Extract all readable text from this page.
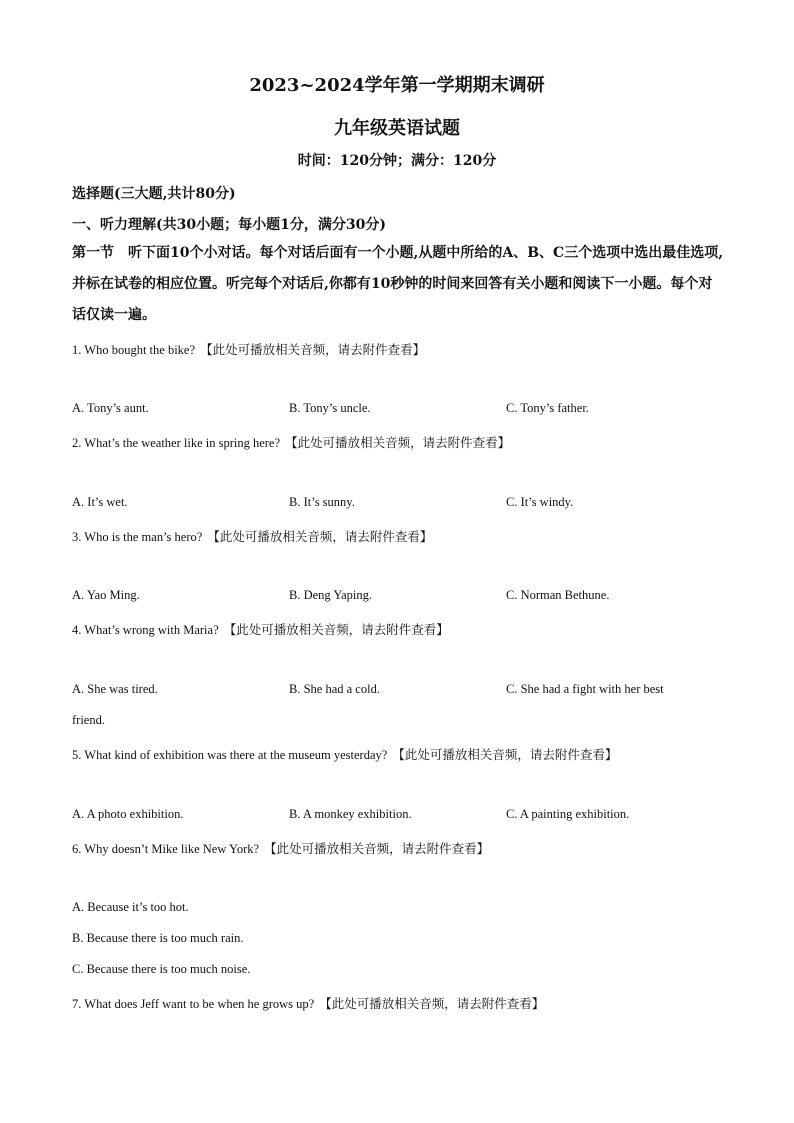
2023~2024学年第一学期期末调研
九年级英语试题
时间：120分钟；满分：120分
选择题(三大题,共计80分)
一、听力理解(共30小题；每小题1分，满分30分)
第一节　听下面10个小对话。每个对话后面有一个小题,从题中所给的A、B、C三个选项中选出最佳选项,并标在试卷的相应位置。听完每个对话后,你都有10秒钟的时间来回答有关小题和阅读下一小题。每个对话仅读一遍。
1. Who bought the bike? 【此处可播放相关音频，请去附件查看】
A. Tony’s aunt.	B. Tony’s uncle.	C. Tony’s father.
2. What’s the weather like in spring here? 【此处可播放相关音频，请去附件查看】
A. It’s wet.	B. It’s sunny.	C. It’s windy.
3. Who is the man’s hero? 【此处可播放相关音频，请去附件查看】
A. Yao Ming.	B. Deng Yaping.	C. Norman Bethune.
4. What’s wrong with Maria? 【此处可播放相关音频，请去附件查看】
A. She was tired.	B. She had a cold.	C. She had a fight with her best
friend.
5. What kind of exhibition was there at the museum yesterday? 【此处可播放相关音频，请去附件查看】
A. A photo exhibition.	B. A monkey exhibition.	C. A painting exhibition.
6. Why doesn’t Mike like New York? 【此处可播放相关音频，请去附件查看】
A. Because it’s too hot.
B. Because there is too much rain.
C. Because there is too much noise.
7. What does Jeff want to be when he grows up? 【此处可播放相关音频，请去附件查看】
